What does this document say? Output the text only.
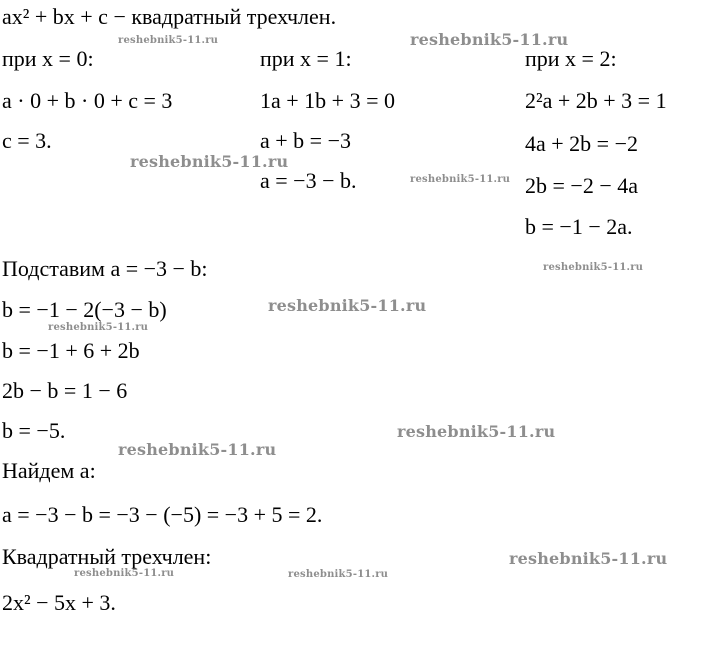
ax² + bx + c − квадратный трехчлен.
при x = 0:
a · 0 + b · 0 + c = 3
c = 3.
при x = 1:
1a + 1b + 3 = 0
a + b = −3
a = −3 − b.
при x = 2:
2²a + 2b + 3 = 1
4a + 2b = −2
2b = −2 − 4a
b = −1 − 2a.
Подставим a = −3 − b:
b = −1 − 2(−3 − b)
b = −1 + 6 + 2b
2b − b = 1 − 6
b = −5.
Найдем a:
a = −3 − b = −3 − (−5) = −3 + 5 = 2.
Квадратный трехчлен:
2x² − 5x + 3.
reshebnik5-11.ru	reshebnik5-11.ru
reshebnik5-11.ru
reshebnik5-11.ru
reshebnik5-11.ru
reshebnik5-11.ru
reshebnik5-11.ru
reshebnik5-11.ru
reshebnik5-11.ru
reshebnik5-11.ru
reshebnik5-11.ru	reshebnik5-11.ru
